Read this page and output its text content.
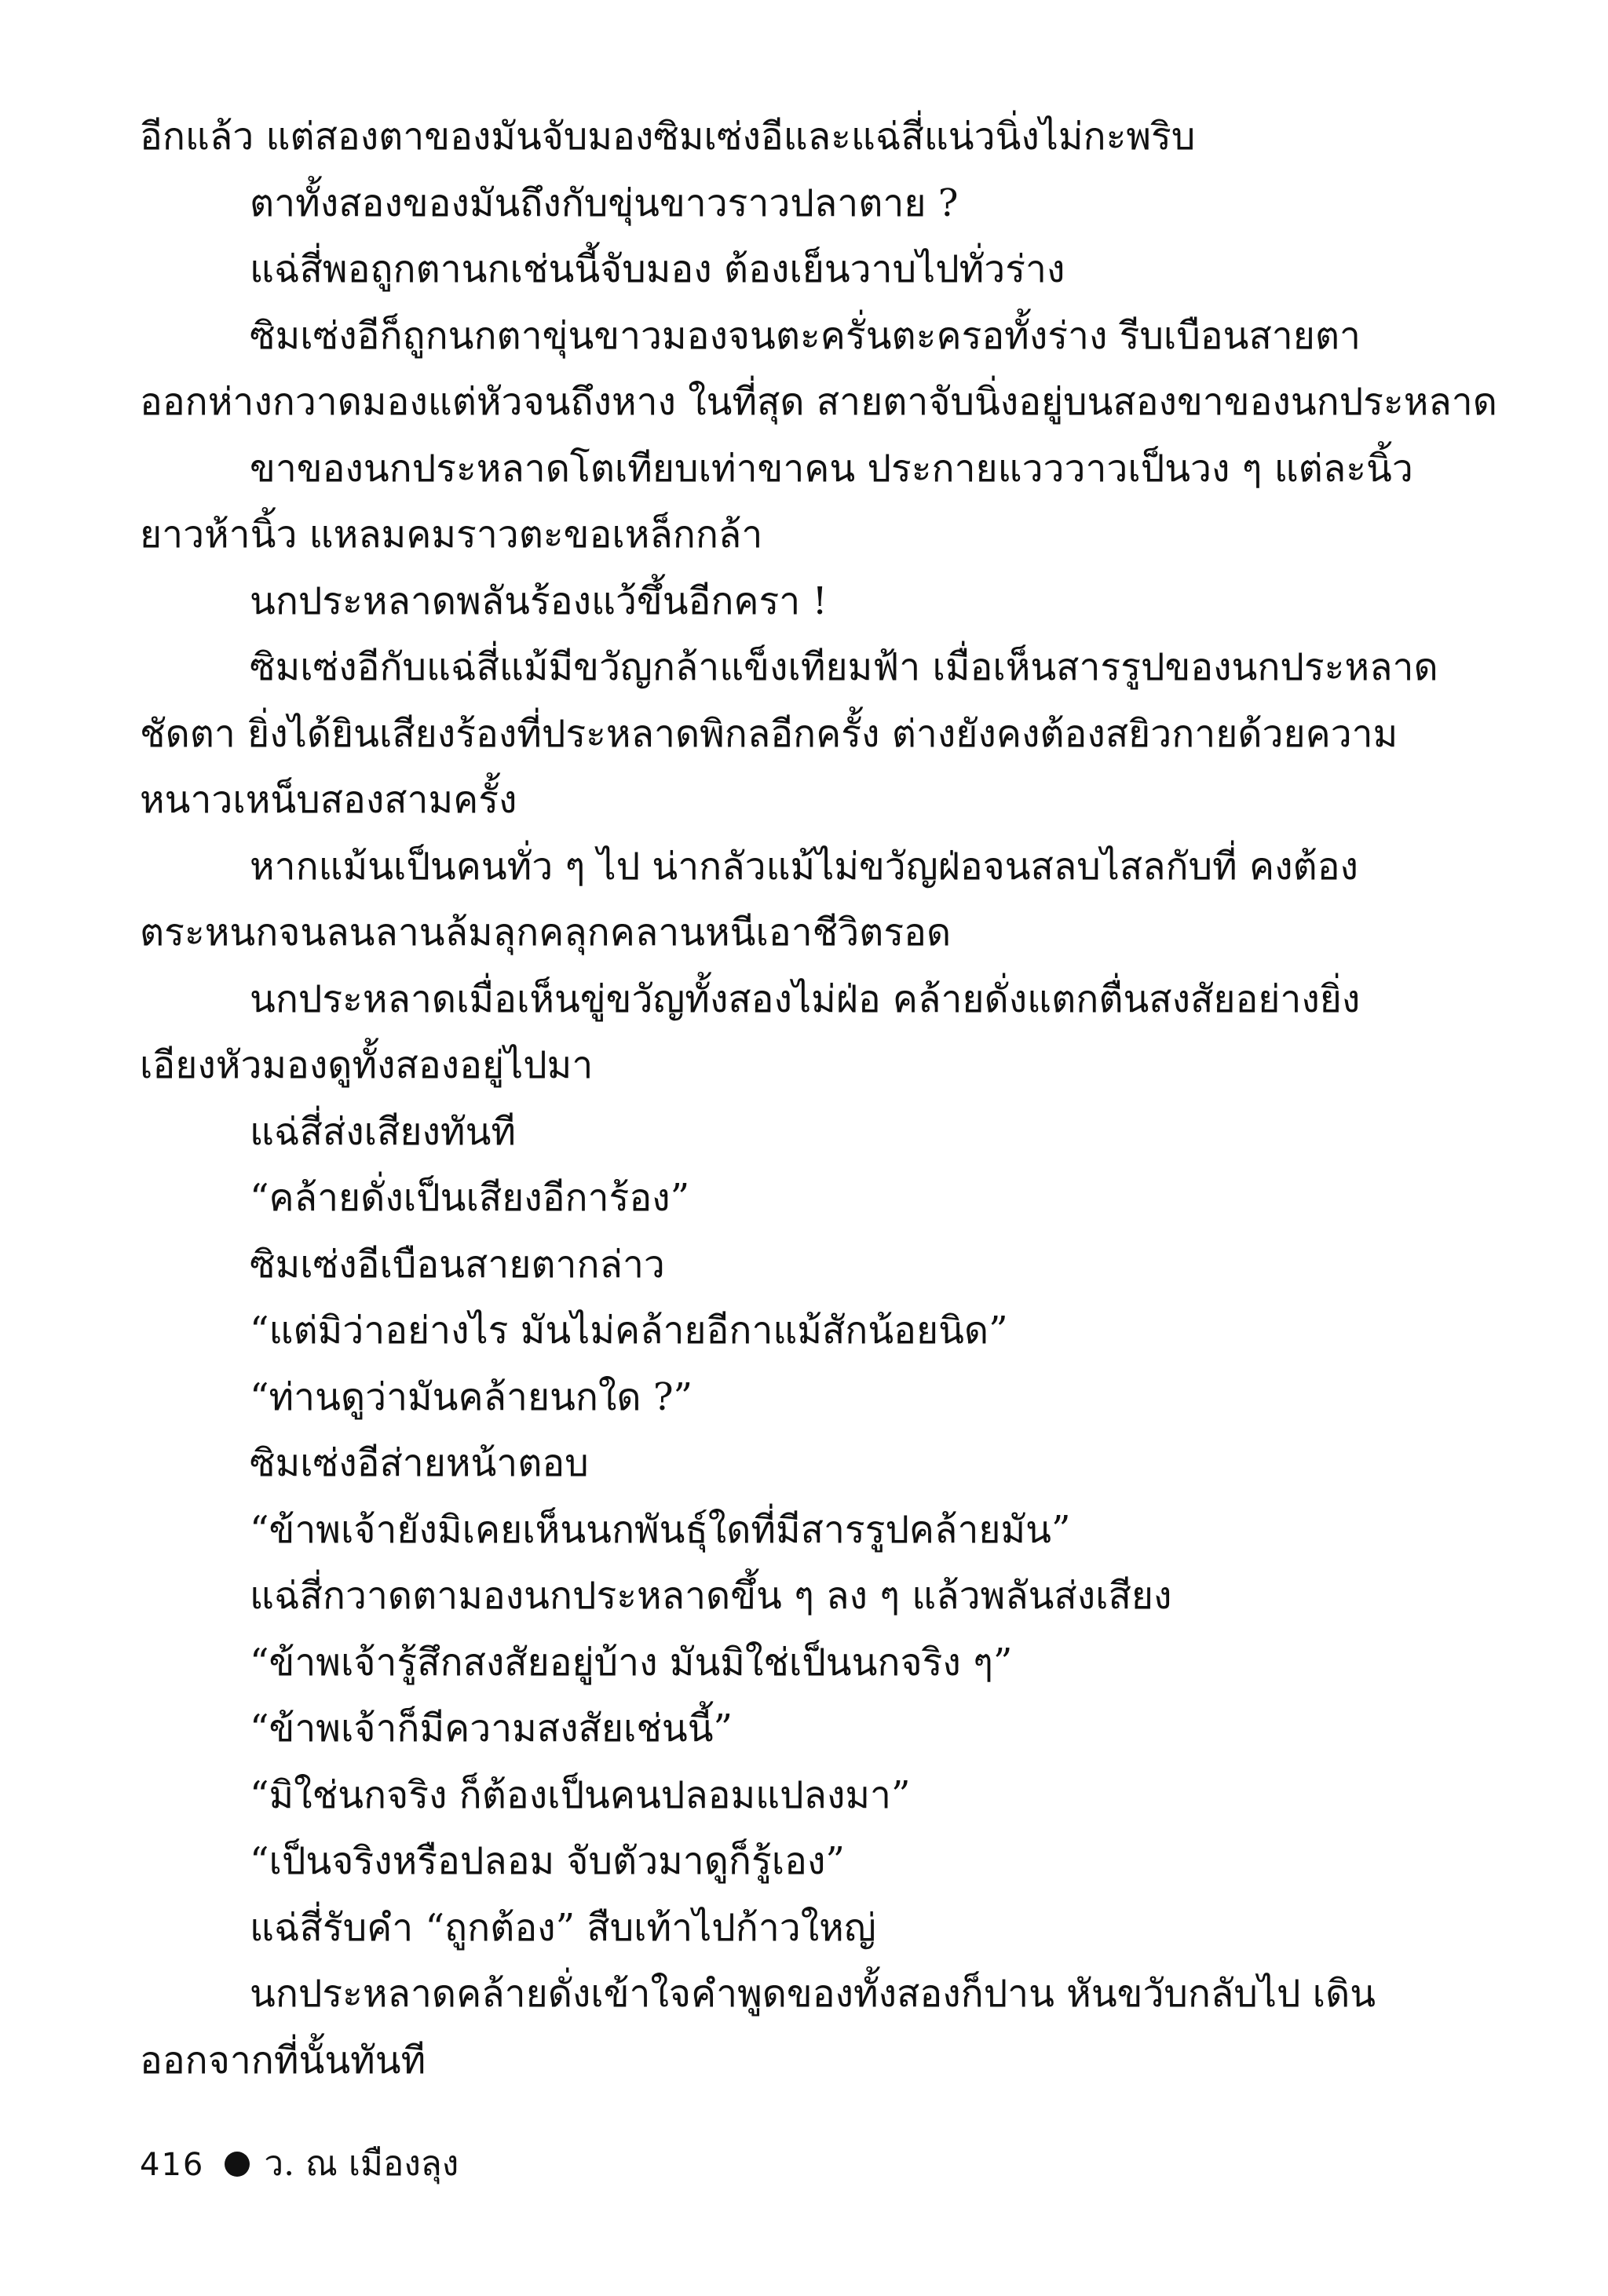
อีกแล้ว แต่สองตาของมันจับมองซิมเซ่งอีและแฉ่สี่แน่วนิ่งไม่กะพริบ
ตาทั้งสองของมันถึงกับขุ่นขาวราวปลาตาย ?
แฉ่สี่พอถูกตานกเช่นนี้จับมอง ต้องเย็นวาบไปทั่วร่าง
ซิมเซ่งอีก็ถูกนกตาขุ่นขาวมองจนตะครั่นตะครอทั้งร่าง รีบเบือนสายตา
ออกห่างกวาดมองแต่หัวจนถึงหาง ในที่สุด สายตาจับนิ่งอยู่บนสองขาของนกประหลาด
ขาของนกประหลาดโตเทียบเท่าขาคน ประกายแวววาวเป็นวง ๆ แต่ละนิ้ว
ยาวห้านิ้ว แหลมคมราวตะขอเหล็กกล้า
นกประหลาดพลันร้องแว้ขึ้นอีกครา !
ซิมเซ่งอีกับแฉ่สี่แม้มีขวัญกล้าแข็งเทียมฟ้า เมื่อเห็นสารรูปของนกประหลาด
ชัดตา ยิ่งได้ยินเสียงร้องที่ประหลาดพิกลอีกครั้ง ต่างยังคงต้องสยิวกายด้วยความ
หนาวเหน็บสองสามครั้ง
หากแม้นเป็นคนทั่ว ๆ ไป น่ากลัวแม้ไม่ขวัญฝ่อจนสลบไสลกับที่ คงต้อง
ตระหนกจนลนลานล้มลุกคลุกคลานหนีเอาชีวิตรอด
นกประหลาดเมื่อเห็นขู่ขวัญทั้งสองไม่ฝ่อ คล้ายดั่งแตกตื่นสงสัยอย่างยิ่ง
เอียงหัวมองดูทั้งสองอยู่ไปมา
แฉ่สี่ส่งเสียงทันที
“คล้ายดั่งเป็นเสียงอีการ้อง”
ซิมเซ่งอีเบือนสายตากล่าว
“แต่มิว่าอย่างไร มันไม่คล้ายอีกาแม้สักน้อยนิด”
“ท่านดูว่ามันคล้ายนกใด ?”
ซิมเซ่งอีส่ายหน้าตอบ
“ข้าพเจ้ายังมิเคยเห็นนกพันธุ์ใดที่มีสารรูปคล้ายมัน”
แฉ่สี่กวาดตามองนกประหลาดขึ้น ๆ ลง ๆ แล้วพลันส่งเสียง
“ข้าพเจ้ารู้สึกสงสัยอยู่บ้าง มันมิใช่เป็นนกจริง ๆ”
“ข้าพเจ้าก็มีความสงสัยเช่นนี้”
“มิใช่นกจริง ก็ต้องเป็นคนปลอมแปลงมา”
“เป็นจริงหรือปลอม จับตัวมาดูก็รู้เอง”
แฉ่สี่รับคำ “ถูกต้อง” สืบเท้าไปก้าวใหญ่
นกประหลาดคล้ายดั่งเข้าใจคำพูดของทั้งสองก็ปาน หันขวับกลับไป เดิน
ออกจากที่นั้นทันที
416 ว. ณ เมืองลุง
